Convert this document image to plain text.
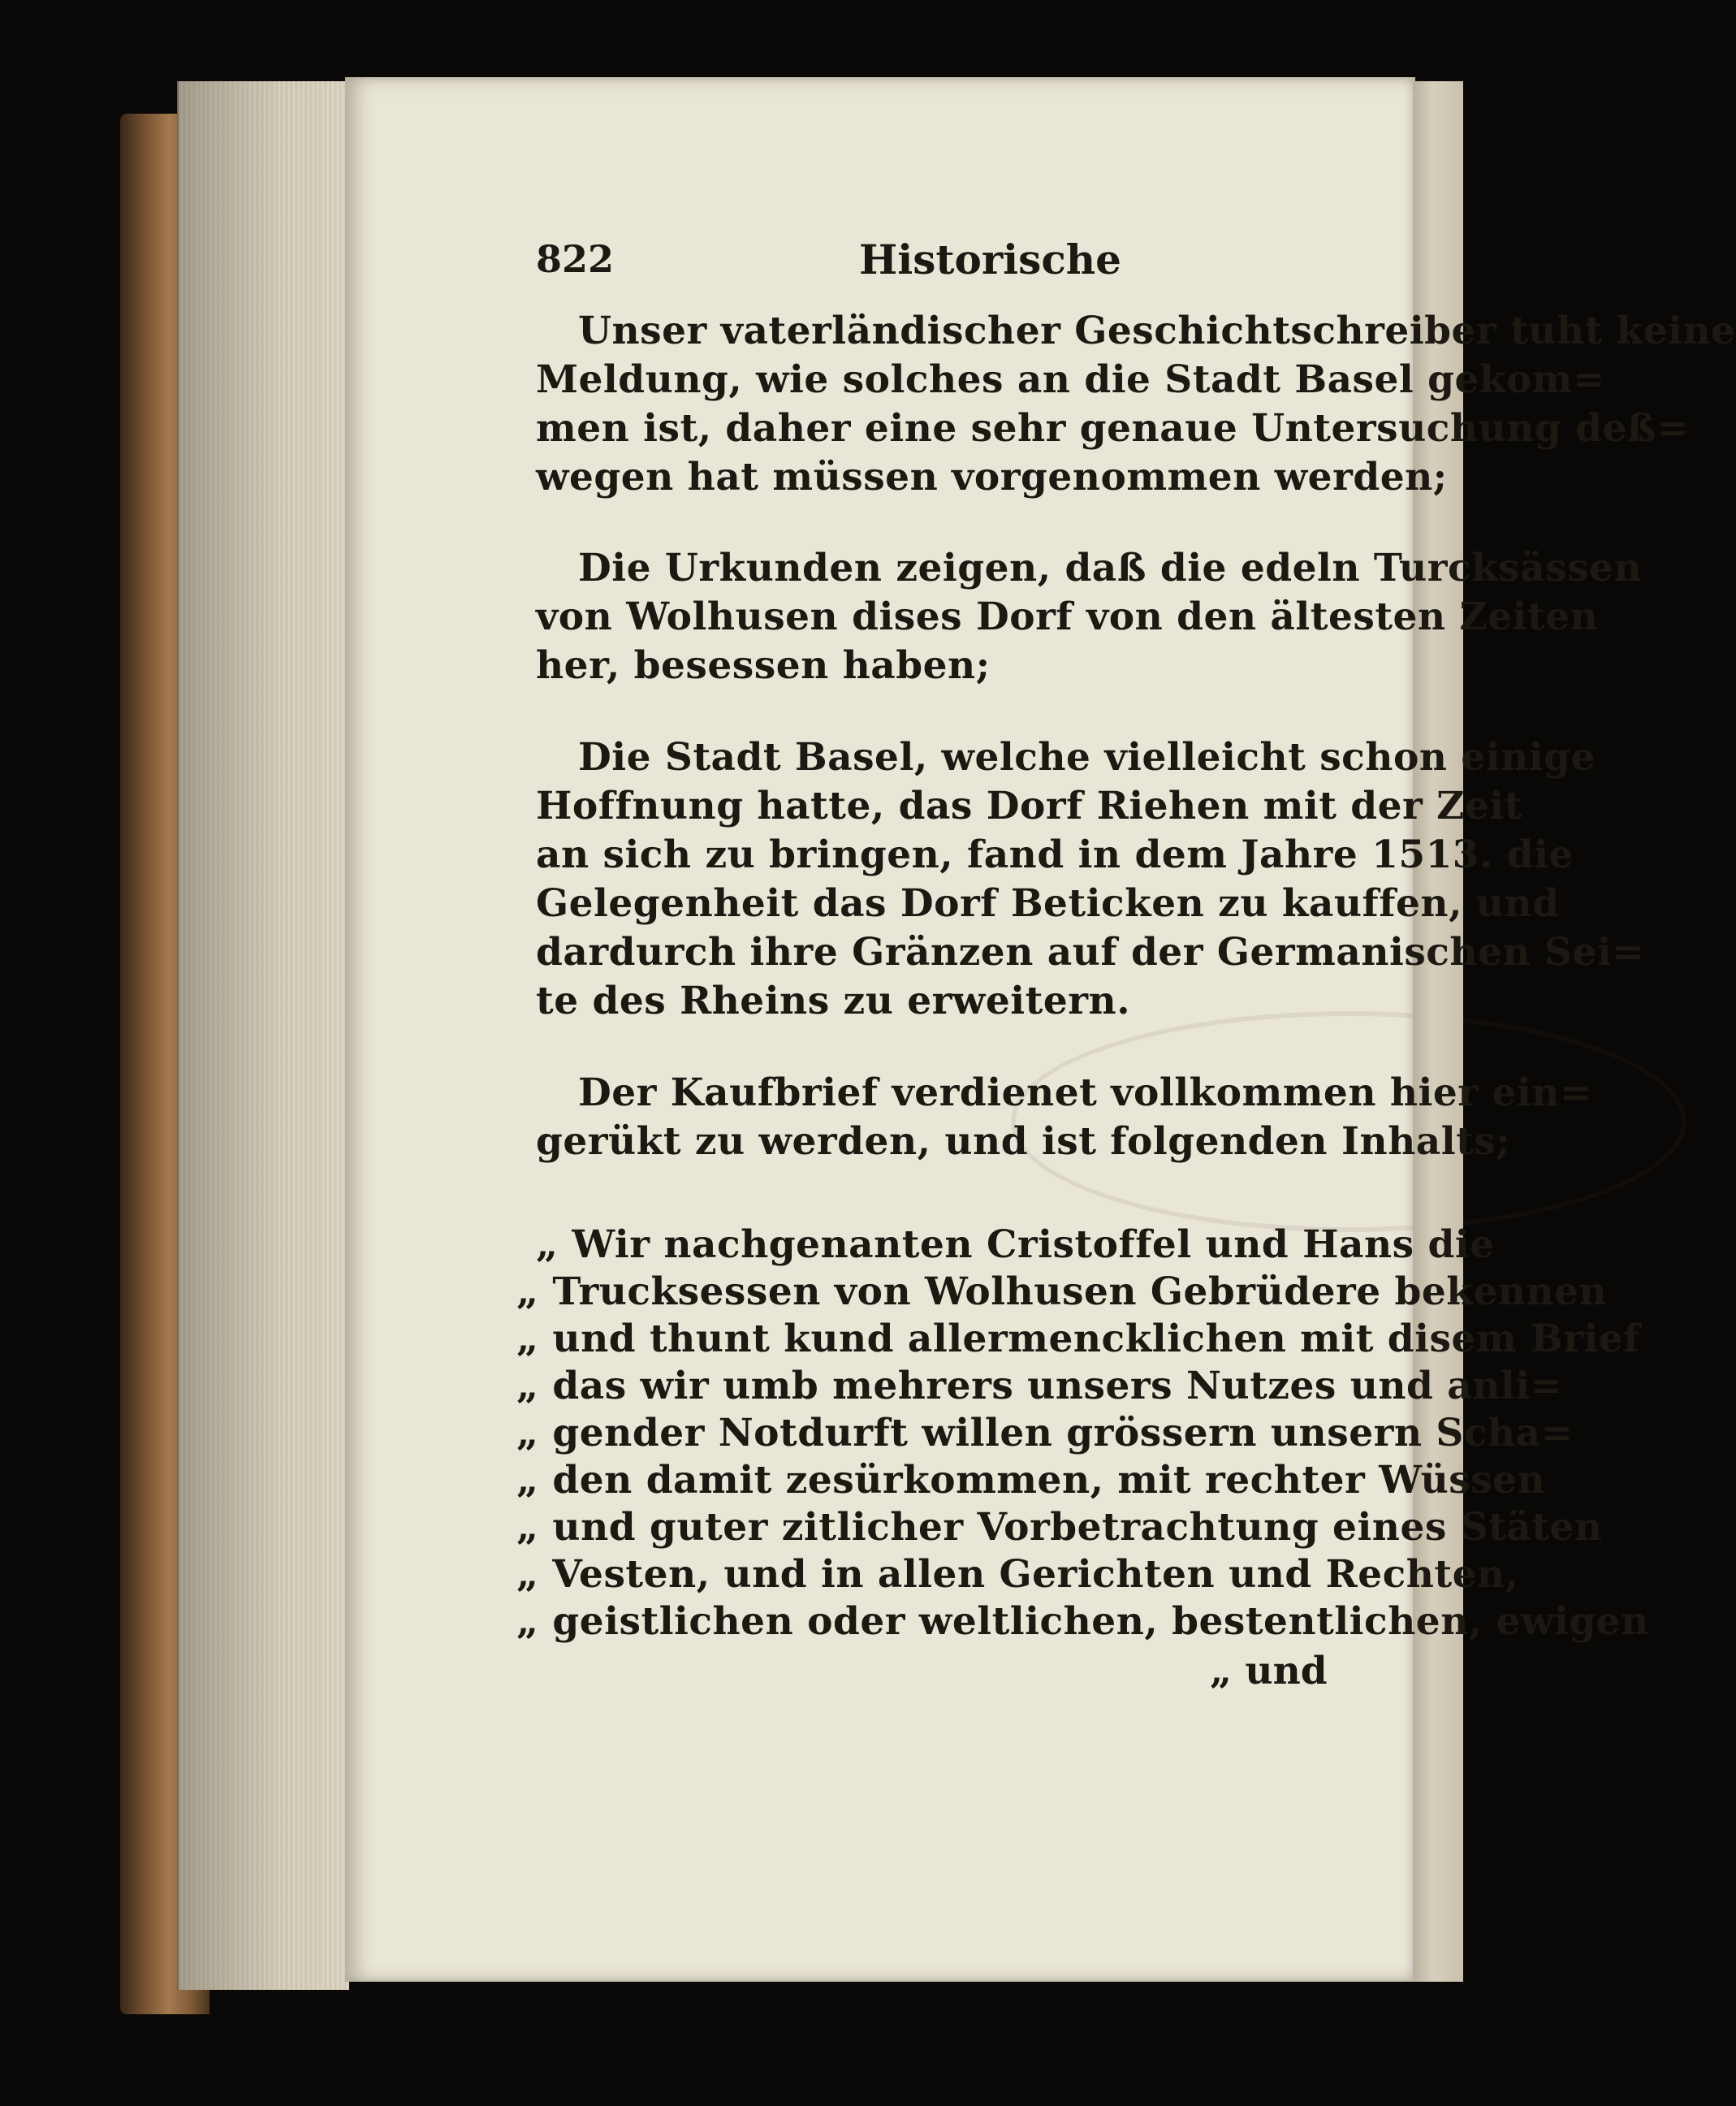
822	Historische
Unser vaterländischer Geschichtschreiber tuht keine
Meldung, wie solches an die Stadt Basel gekom=
men ist, daher eine sehr genaue Untersuchung deß=
wegen hat müssen vorgenommen werden;
Die Urkunden zeigen, daß die edeln Turcksässen
von Wolhusen dises Dorf von den ältesten Zeiten
her, besessen haben;
Die Stadt Basel, welche vielleicht schon einige
Hoffnung hatte, das Dorf Riehen mit der Zeit
an sich zu bringen, fand in dem Jahre 1513. die
Gelegenheit das Dorf Beticken zu kauffen, und
dardurch ihre Gränzen auf der Germanischen Sei=
te des Rheins zu erweitern.
Der Kaufbrief verdienet vollkommen hier ein=
gerükt zu werden, und ist folgenden Inhalts;
„ Wir nachgenanten Cristoffel und Hans die
„ Trucksessen von Wolhusen Gebrüdere bekennen
„ und thunt kund allermencklichen mit disem Brief
„ das wir umb mehrers unsers Nutzes und anli=
„ gender Notdurft willen grössern unsern Scha=
„ den damit zesürkommen, mit rechter Wüssen
„ und guter zitlicher Vorbetrachtung eines Stäten
„ Vesten, und in allen Gerichten und Rechten,
„ geistlichen oder weltlichen, bestentlichen, ewigen
„ und
